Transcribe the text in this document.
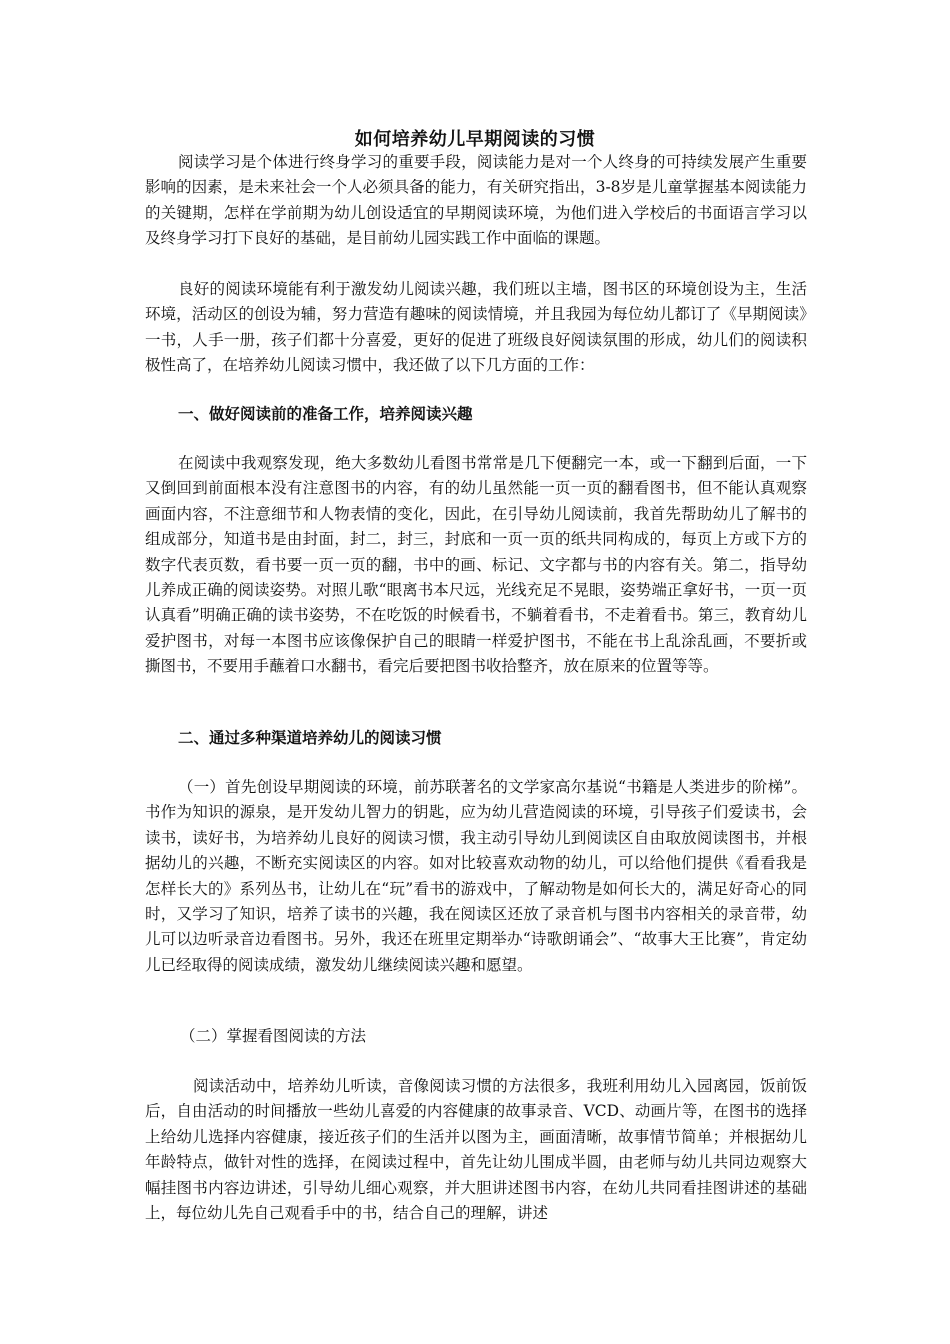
如何培养幼儿早期阅读的习惯

阅读学习是个体进行终身学习的重要手段，阅读能力是对一个人终身的可持续发展产生重要影响的因素，是未来社会一个人必须具备的能力，有关研究指出，3-8岁是儿童掌握基本阅读能力的关键期，怎样在学前期为幼儿创设适宜的早期阅读环境，为他们进入学校后的书面语言学习以及终身学习打下良好的基础，是目前幼儿园实践工作中面临的课题。

良好的阅读环境能有利于激发幼儿阅读兴趣，我们班以主墙，图书区的环境创设为主，生活环境，活动区的创设为辅，努力营造有趣味的阅读情境，并且我园为每位幼儿都订了《早期阅读》一书，人手一册，孩子们都十分喜爱，更好的促进了班级良好阅读氛围的形成，幼儿们的阅读积极性高了，在培养幼儿阅读习惯中，我还做了以下几方面的工作：

一、做好阅读前的准备工作，培养阅读兴趣

在阅读中我观察发现，绝大多数幼儿看图书常常是几下便翻完一本，或一下翻到后面，一下又倒回到前面根本没有注意图书的内容，有的幼儿虽然能一页一页的翻看图书，但不能认真观察画面内容，不注意细节和人物表情的变化，因此，在引导幼儿阅读前，我首先帮助幼儿了解书的组成部分，知道书是由封面，封二，封三，封底和一页一页的纸共同构成的，每页上方或下方的数字代表页数，看书要一页一页的翻，书中的画、标记、文字都与书的内容有关。第二，指导幼儿养成正确的阅读姿势。对照儿歌“眼离书本尺远，光线充足不晃眼，姿势端正拿好书，一页一页认真看”明确正确的读书姿势，不在吃饭的时候看书，不躺着看书，不走着看书。第三，教育幼儿爱护图书，对每一本图书应该像保护自己的眼睛一样爱护图书，不能在书上乱涂乱画，不要折或撕图书，不要用手蘸着口水翻书，看完后要把图书收拾整齐，放在原来的位置等等。

二、通过多种渠道培养幼儿的阅读习惯

（一）首先创设早期阅读的环境，前苏联著名的文学家高尔基说“书籍是人类进步的阶梯”。书作为知识的源泉，是开发幼儿智力的钥匙，应为幼儿营造阅读的环境，引导孩子们爱读书，会读书，读好书，为培养幼儿良好的阅读习惯，我主动引导幼儿到阅读区自由取放阅读图书，并根据幼儿的兴趣，不断充实阅读区的内容。如对比较喜欢动物的幼儿，可以给他们提供《看看我是怎样长大的》系列丛书，让幼儿在“玩”看书的游戏中，了解动物是如何长大的，满足好奇心的同时，又学习了知识，培养了读书的兴趣，我在阅读区还放了录音机与图书内容相关的录音带，幼儿可以边听录音边看图书。另外，我还在班里定期举办“诗歌朗诵会”、“故事大王比赛”，肯定幼儿已经取得的阅读成绩，激发幼儿继续阅读兴趣和愿望。

（二）掌握看图阅读的方法

阅读活动中，培养幼儿听读，音像阅读习惯的方法很多，我班利用幼儿入园离园，饭前饭后，自由活动的时间播放一些幼儿喜爱的内容健康的故事录音、VCD、动画片等，在图书的选择上给幼儿选择内容健康，接近孩子们的生活并以图为主，画面清晰，故事情节简单；并根据幼儿年龄特点，做针对性的选择，在阅读过程中，首先让幼儿围成半圆，由老师与幼儿共同边观察大幅挂图书内容边讲述，引导幼儿细心观察，并大胆讲述图书内容，在幼儿共同看挂图讲述的基础上，每位幼儿先自己观看手中的书，结合自己的理解，讲述
